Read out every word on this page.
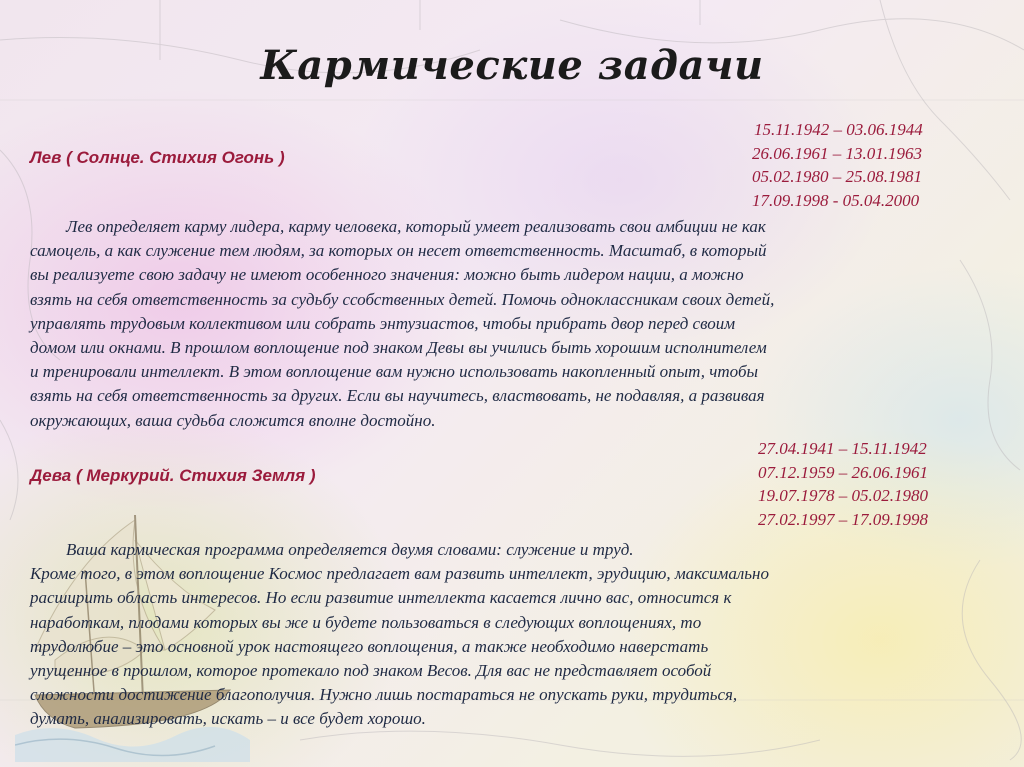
Кармические задачи

Лев ( Солнце. Стихия Огонь )

15.11.1942 – 03.06.1944
26.06.1961 – 13.01.1963
05.02.1980 – 25.08.1981
17.09.1998 - 05.04.2000
Лев определяет карму лидера, карму человека, который умеет реализовать свои амбиции не как
самоцель, а как служение тем людям, за которых он несет ответственность. Масштаб, в который
вы реализуете свою задачу не имеют особенного значения: можно быть лидером нации, а можно
взять на себя ответственность за судьбу ссобственных детей. Помочь одноклассникам своих детей,
управлять трудовым коллективом или собрать энтузиастов, чтобы прибрать двор перед своим
домом или окнами. В прошлом воплощение под знаком Девы вы учились быть хорошим исполнителем
и тренировали интеллект. В этом воплощение вам нужно использовать накопленный опыт, чтобы
взять на себя ответственность за других. Если вы научитесь, властвовать, не подавляя, а развивая
окружающих, ваша судьба сложится вполне достойно.

Дева ( Меркурий. Стихия Земля )

27.04.1941 – 15.11.1942
07.12.1959 – 26.06.1961
19.07.1978 – 05.02.1980
27.02.1997 – 17.09.1998
Ваша кармическая программа определяется двумя словами: служение и труд.
Кроме того, в этом воплощение Космос предлагает вам развить интеллект, эрудицию, максимально
расширить область интересов. Но если развитие интеллекта касается лично вас, относится к
наработкам, плодами которых вы же и будете пользоваться в следующих воплощениях, то
трудолюбие – это основной урок настоящего воплощения, а также необходимо наверстать
упущенное в прошлом, которое протекало под знаком Весов. Для вас не представляет особой
сложности достижение благополучия. Нужно лишь постараться не опускать руки, трудиться,
думать, анализировать, искать – и все будет хорошо.
